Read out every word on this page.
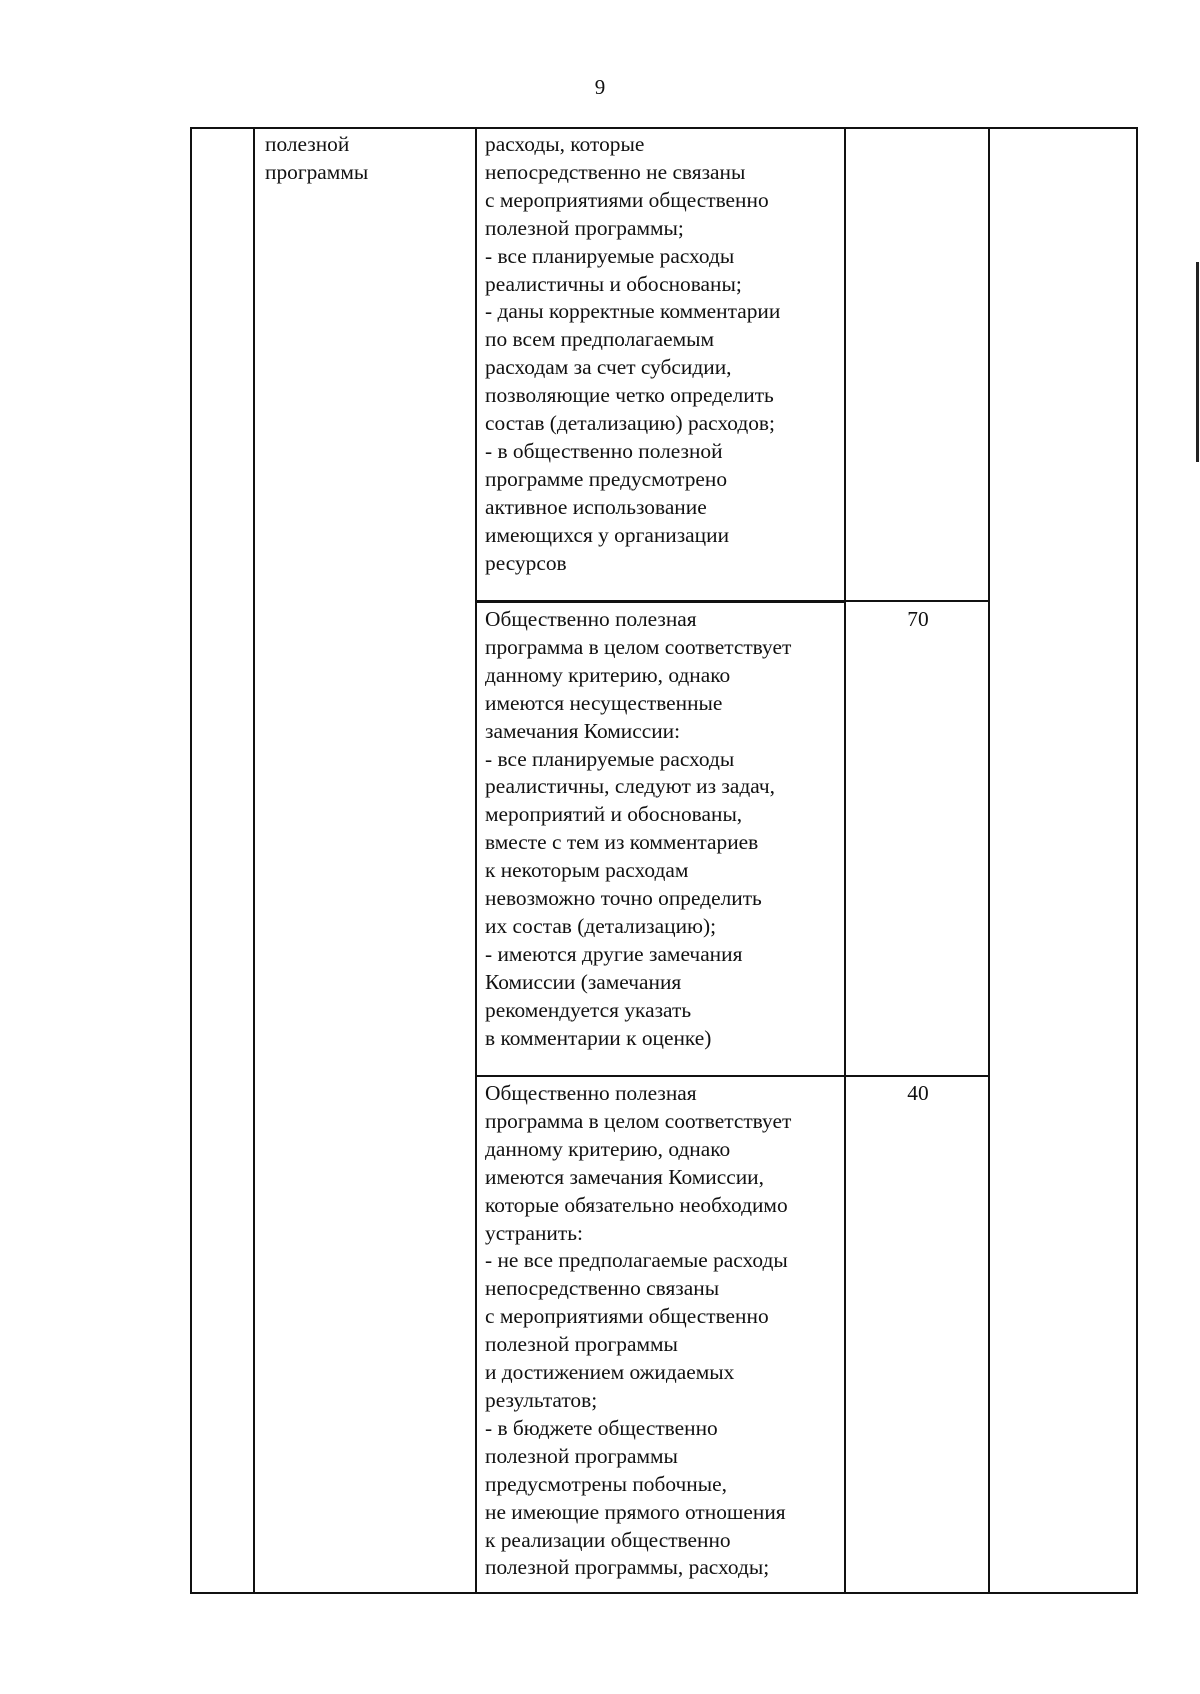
9

полезной
программы

расходы, которые
непосредственно не связаны
с мероприятиями общественно
полезной программы;
- все планируемые расходы
реалистичны и обоснованы;
- даны корректные комментарии
по всем предполагаемым
расходам за счет субсидии,
позволяющие четко определить
состав (детализацию) расходов;
- в общественно полезной
программе предусмотрено
активное использование
имеющихся у организации
ресурсов

Общественно полезная
программа в целом соответствует
данному критерию, однако
имеются несущественные
замечания Комиссии:
- все планируемые расходы
реалистичны, следуют из задач,
мероприятий и обоснованы,
вместе с тем из комментариев
к некоторым расходам
невозможно точно определить
их состав (детализацию);
- имеются другие замечания
Комиссии (замечания
рекомендуется указать
в комментарии к оценке)

70

Общественно полезная
программа в целом соответствует
данному критерию, однако
имеются замечания Комиссии,
которые обязательно необходимо
устранить:
- не все предполагаемые расходы
непосредственно связаны
с мероприятиями общественно
полезной программы
и достижением ожидаемых
результатов;
- в бюджете общественно
полезной программы
предусмотрены побочные,
не имеющие прямого отношения
к реализации общественно
полезной программы, расходы;

40
